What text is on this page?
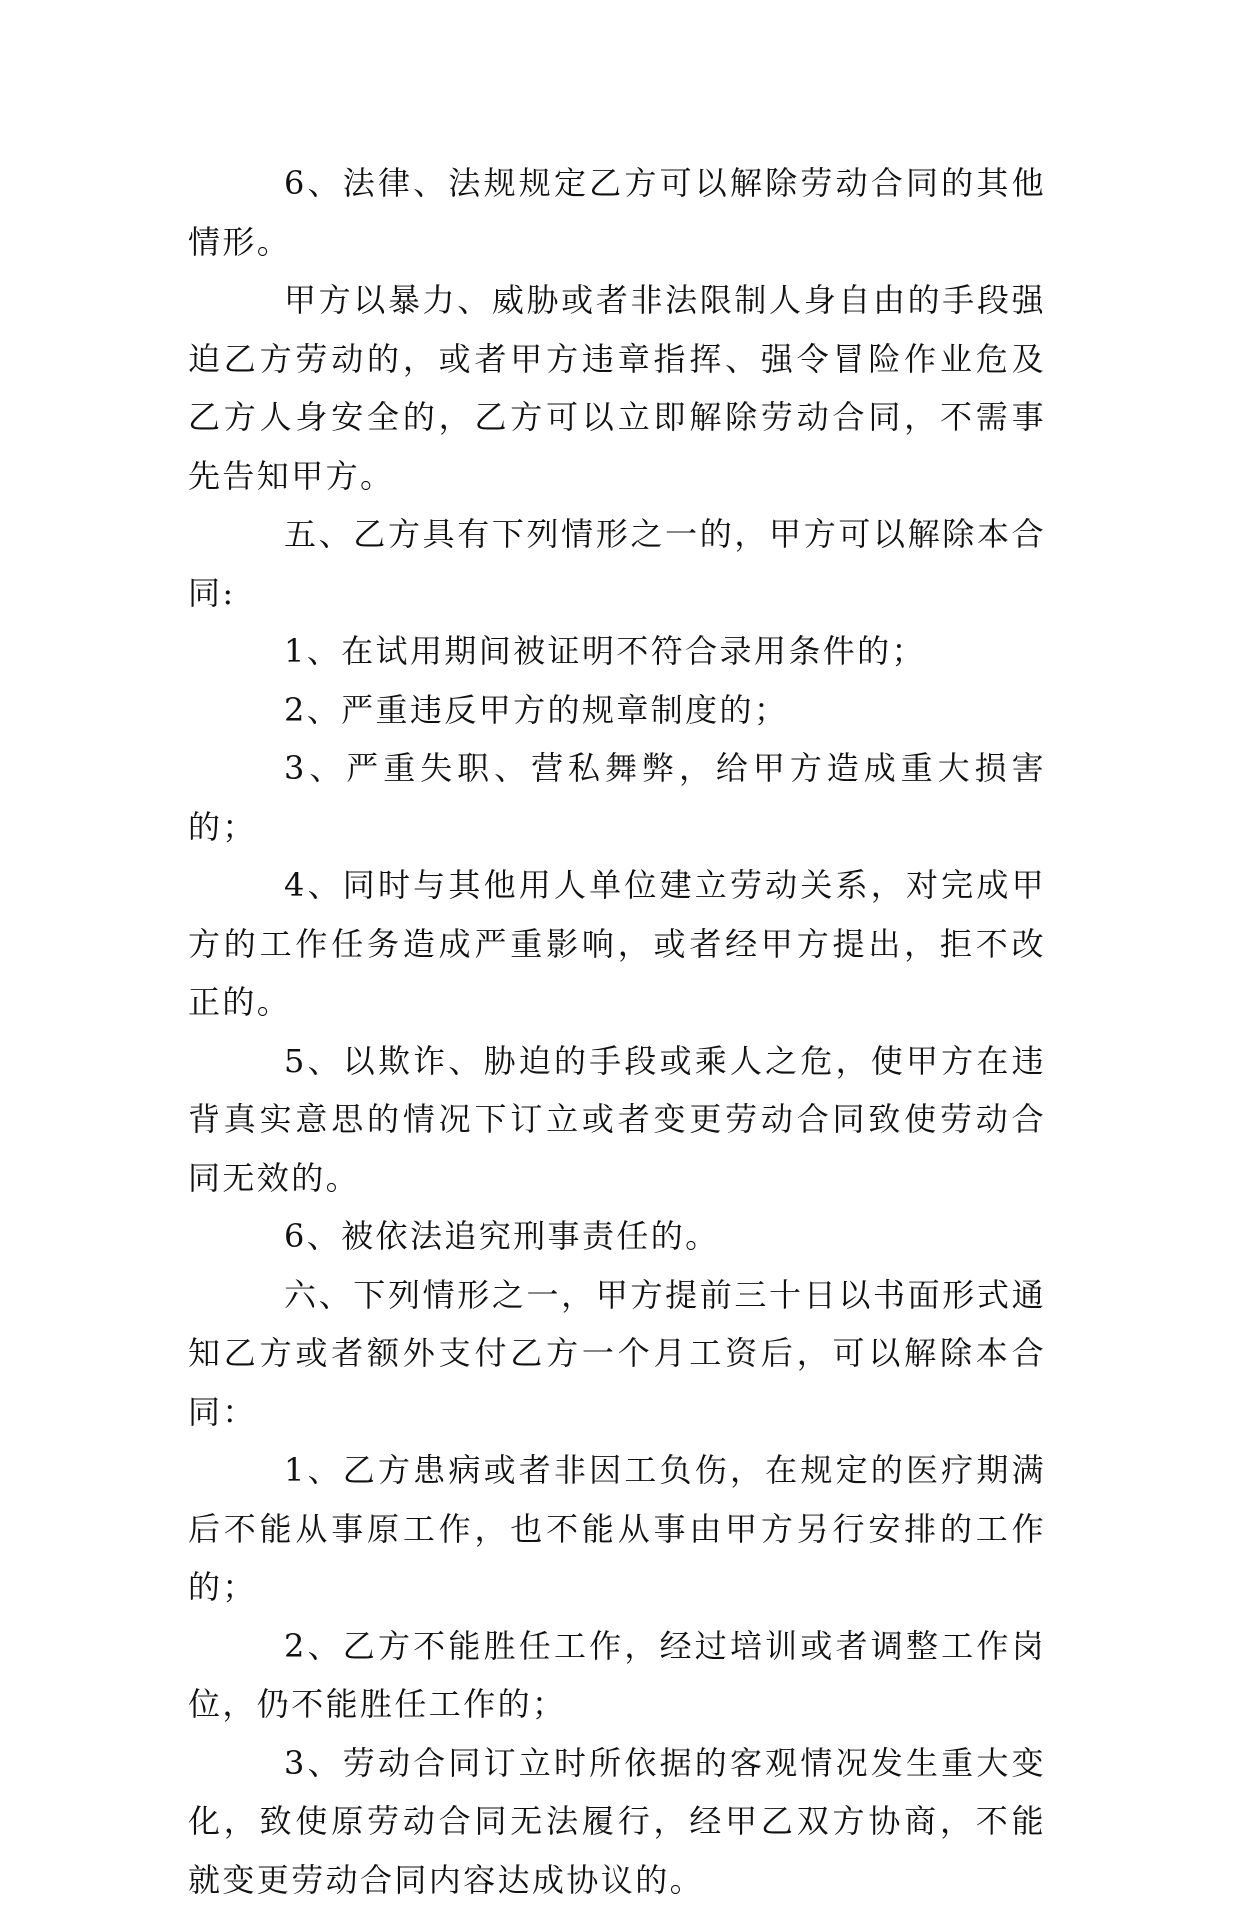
6、法律、法规规定乙方可以解除劳动合同的其他情形。

甲方以暴力、威胁或者非法限制人身自由的手段强迫乙方劳动的，或者甲方违章指挥、强令冒险作业危及乙方人身安全的，乙方可以立即解除劳动合同，不需事先告知甲方。

五、乙方具有下列情形之一的，甲方可以解除本合同:

1、在试用期间被证明不符合录用条件的；

2、严重违反甲方的规章制度的；

3、严重失职、营私舞弊，给甲方造成重大损害的；

4、同时与其他用人单位建立劳动关系，对完成甲方的工作任务造成严重影响，或者经甲方提出，拒不改正的。

5、以欺诈、胁迫的手段或乘人之危，使甲方在违背真实意思的情况下订立或者变更劳动合同致使劳动合同无效的。

6、被依法追究刑事责任的。

六、下列情形之一，甲方提前三十日以书面形式通知乙方或者额外支付乙方一个月工资后，可以解除本合同：

1、乙方患病或者非因工负伤，在规定的医疗期满后不能从事原工作，也不能从事由甲方另行安排的工作的；

2、乙方不能胜任工作，经过培训或者调整工作岗位，仍不能胜任工作的；

3、劳动合同订立时所依据的客观情况发生重大变化，致使原劳动合同无法履行，经甲乙双方协商，不能就变更劳动合同内容达成协议的。
